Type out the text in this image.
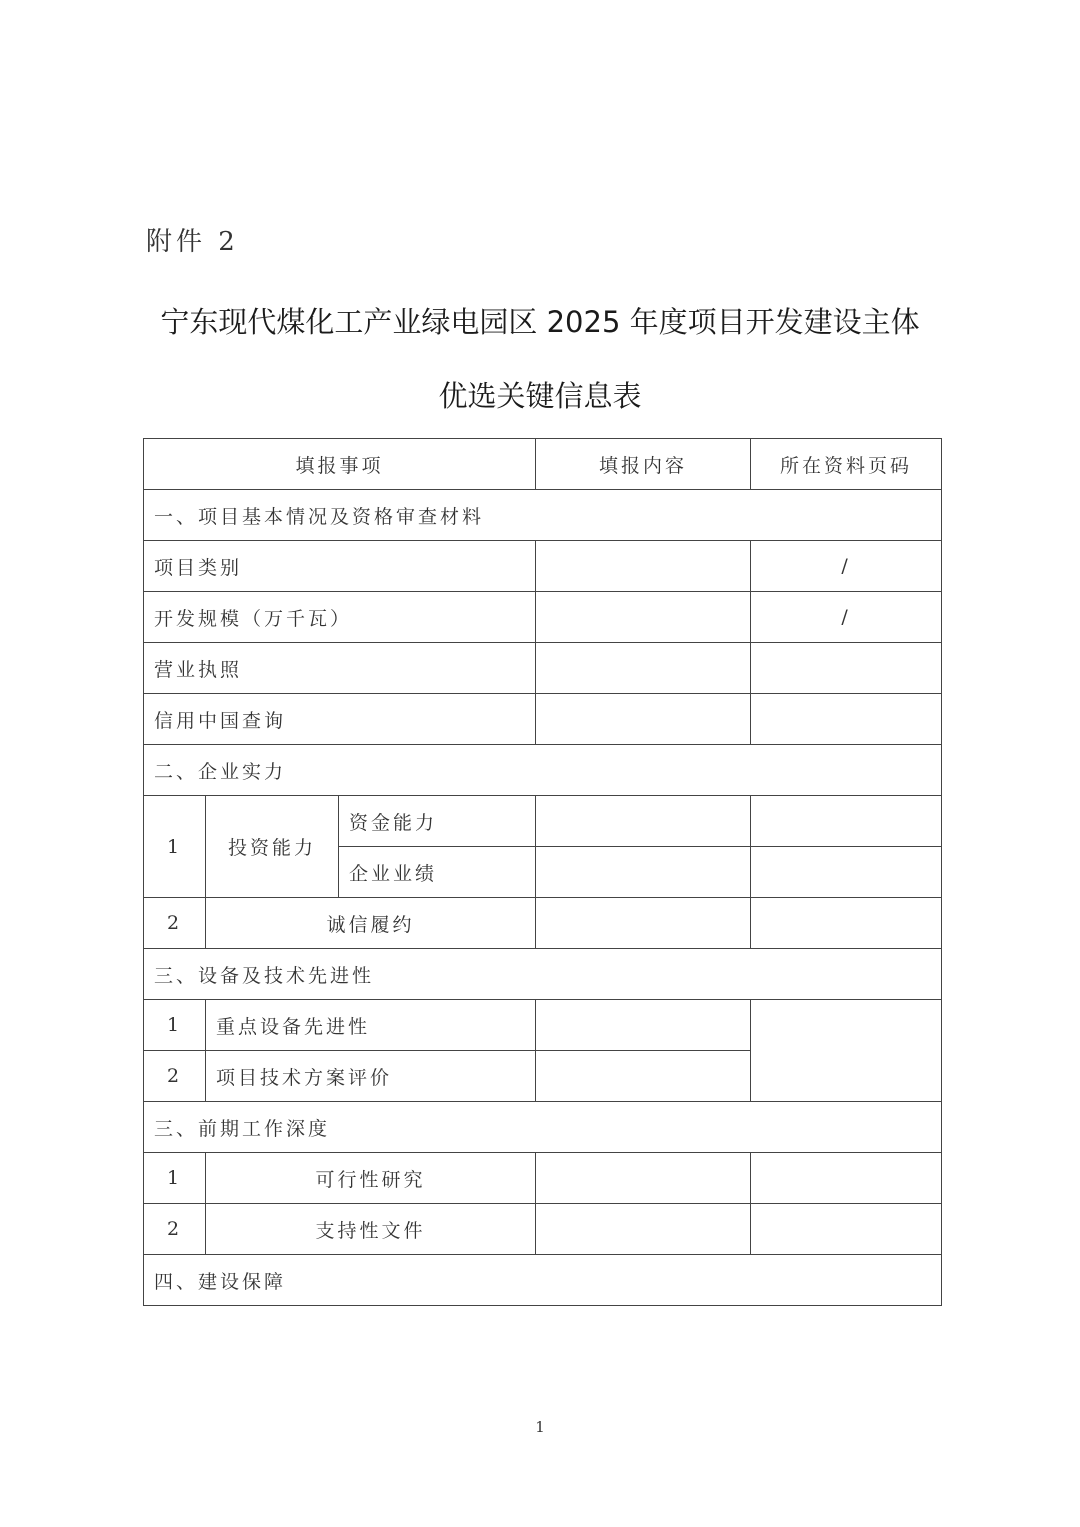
附件 2
宁东现代煤化工产业绿电园区 2025 年度项目开发建设主体
优选关键信息表
填报事项			填报内容	所在资料页码
一、项目基本情况及资格审查材料				
项目类别				/
开发规模（万千瓦）				/
营业执照				
信用中国查询				
二、企业实力				
1	投资能力	资金能力		
		企业业绩		
2	诚信履约			
三、设备及技术先进性				
1	重点设备先进性			
2	项目技术方案评价			
三、前期工作深度				
1	可行性研究			
2	支持性文件			
四、建设保障				
1
